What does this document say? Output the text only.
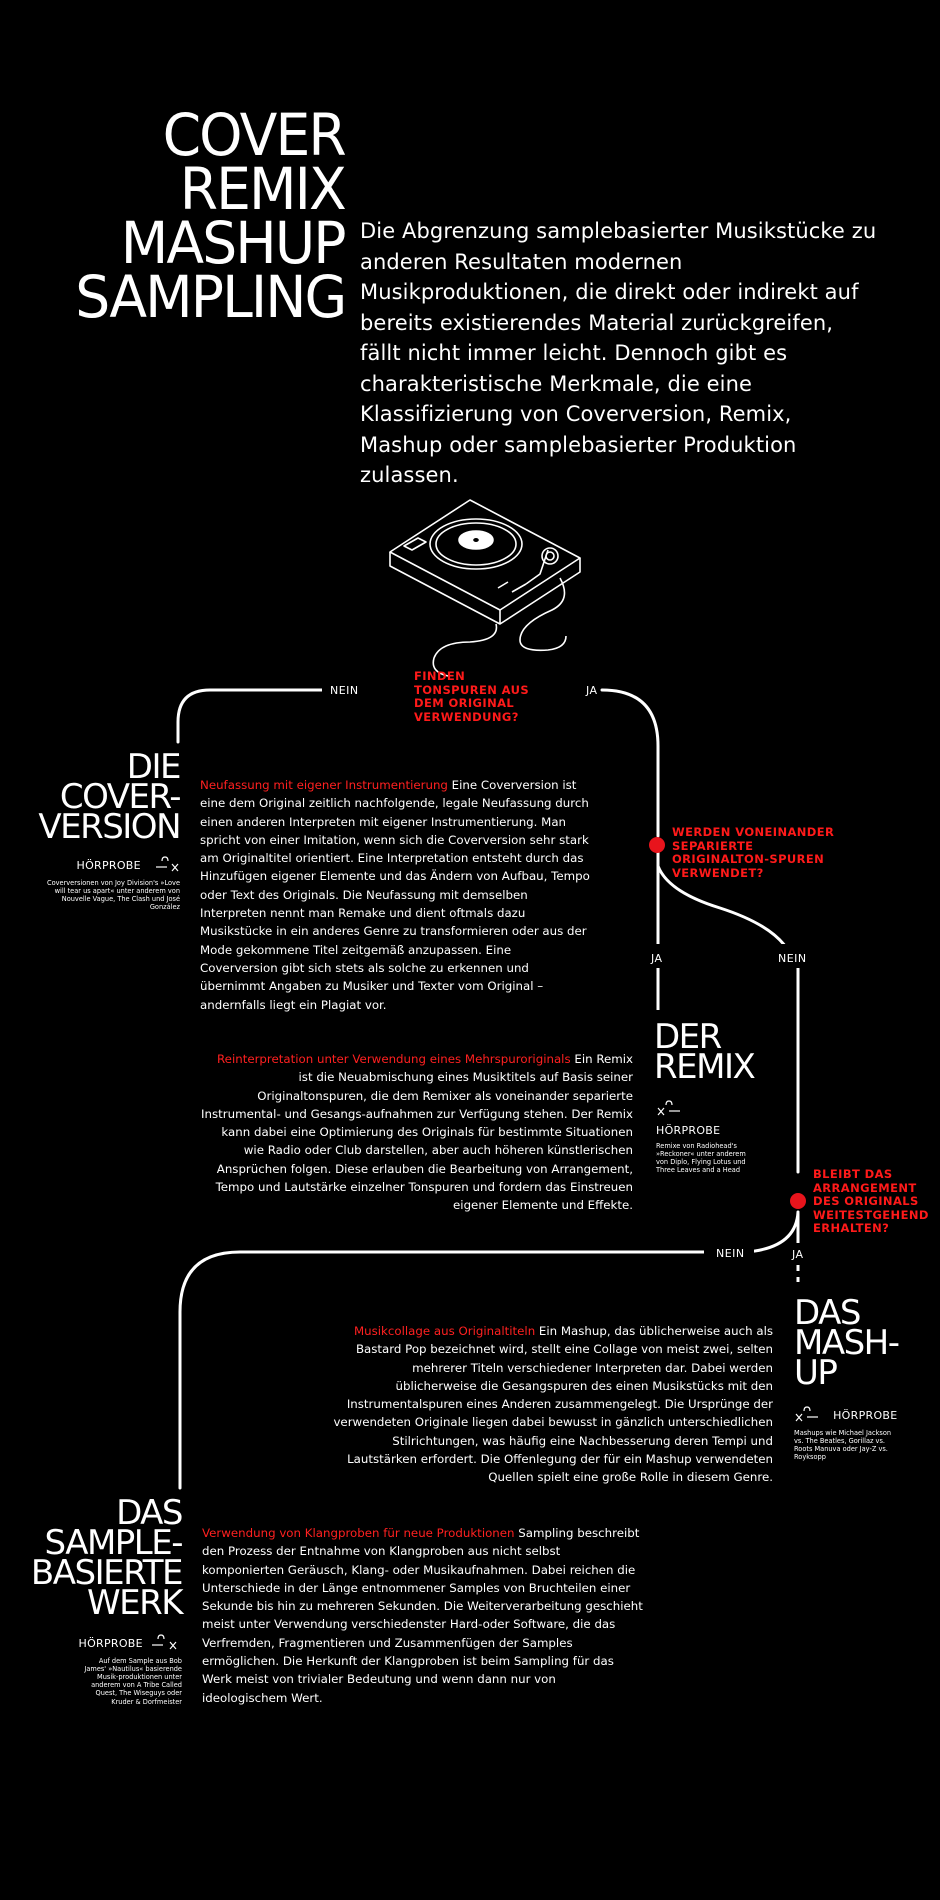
COVER
REMIX
MASHUP
SAMPLING
Die Abgrenzung samplebasierter Musikstücke zu anderen Resultaten modernen Musikproduktionen, die direkt oder indirekt auf bereits existierendes Material zurückgreifen, fällt nicht immer leicht. Dennoch gibt es charakteristische Merkmale, die eine Klassifizierung von Coverversion, Remix, Mashup oder samplebasierter Produktion zulassen.
NEIN	JA
FINDEN TONSPUREN AUS DEM ORIGINAL VERWENDUNG?
WERDEN VONEINANDER SEPARIERTE ORIGINALTON-SPUREN VERWENDET?
JA	NEIN
BLEIBT DAS ARRANGEMENT DES ORIGINALS WEITESTGEHEND ERHALTEN?
NEIN	JA
DIE
COVER-
VERSION
HÖRPROBE
Coverversionen von Joy Division's »Love will tear us apart« unter anderem von Nouvelle Vague, The Clash und José González
Neufassung mit eigener Instrumentierung Eine Coverversion ist eine dem Original zeitlich nachfolgende, legale Neufassung durch einen anderen Interpreten mit eigener Instrumentierung. Man spricht von einer Imitation, wenn sich die Coverversion sehr stark am Originaltitel orientiert. Eine Interpretation entsteht durch das Hinzufügen eigener Elemente und das Ändern von Aufbau, Tempo oder Text des Originals. Die Neufassung mit demselben Interpreten nennt man Remake und dient oftmals dazu Musikstücke in ein anderes Genre zu transformieren oder aus der Mode gekommene Titel zeitgemäß anzupassen. Eine Coverversion gibt sich stets als solche zu erkennen und übernimmt Angaben zu Musiker und Texter vom Original – andernfalls liegt ein Plagiat vor.
Reinterpretation unter Verwendung eines Mehrspuroriginals Ein Remix ist die Neuabmischung eines Musiktitels auf Basis seiner Originaltonspuren, die dem Remixer als voneinander separierte Instrumental- und Gesangs-aufnahmen zur Verfügung stehen. Der Remix kann dabei eine Optimierung des Originals für bestimmte Situationen wie Radio oder Club darstellen, aber auch höheren künstlerischen Ansprüchen folgen. Diese erlauben die Bearbeitung von Arrangement, Tempo und Lautstärke einzelner Tonspuren und fordern das Einstreuen eigener Elemente und Effekte.
DER
REMIX
HÖRPROBE
Remixe von Radiohead's »Reckoner« unter anderem von Diplo, Flying Lotus und Three Leaves and a Head
Musikcollage aus Originaltiteln Ein Mashup, das üblicherweise auch als Bastard Pop bezeichnet wird, stellt eine Collage von meist zwei, selten mehrerer Titeln verschiedener Interpreten dar. Dabei werden üblicherweise die Gesangspuren des einen Musikstücks mit den Instrumentalspuren eines Anderen zusammengelegt. Die Ursprünge der verwendeten Originale liegen dabei bewusst in gänzlich unterschiedlichen Stilrichtungen, was häufig eine Nachbesserung deren Tempi und Lautstärken erfordert. Die Offenlegung der für ein Mashup verwendeten Quellen spielt eine große Rolle in diesem Genre.
DAS
MASH-
UP
HÖRPROBE
Mashups wie Michael Jackson vs. The Beatles, Gorillaz vs. Roots Manuva oder Jay-Z vs. Royksopp
DAS
SAMPLE-
BASIERTE
WERK
HÖRPROBE
Auf dem Sample aus Bob James' »Nautilus« basierende Musik-produktionen unter anderem von A Tribe Called Quest, The Wiseguys oder Kruder & Dorfmeister
Verwendung von Klangproben für neue Produktionen Sampling beschreibt den Prozess der Entnahme von Klangproben aus nicht selbst komponierten Geräusch, Klang- oder Musikaufnahmen. Dabei reichen die Unterschiede in der Länge entnommener Samples von Bruchteilen einer Sekunde bis hin zu mehreren Sekunden. Die Weiterverarbeitung geschieht meist unter Verwendung verschiedenster Hard-oder Software, die das Verfremden, Fragmentieren und Zusammenfügen der Samples ermöglichen. Die Herkunft der Klangproben ist beim Sampling für das Werk meist von trivialer Bedeutung und wenn dann nur von ideologischem Wert.
